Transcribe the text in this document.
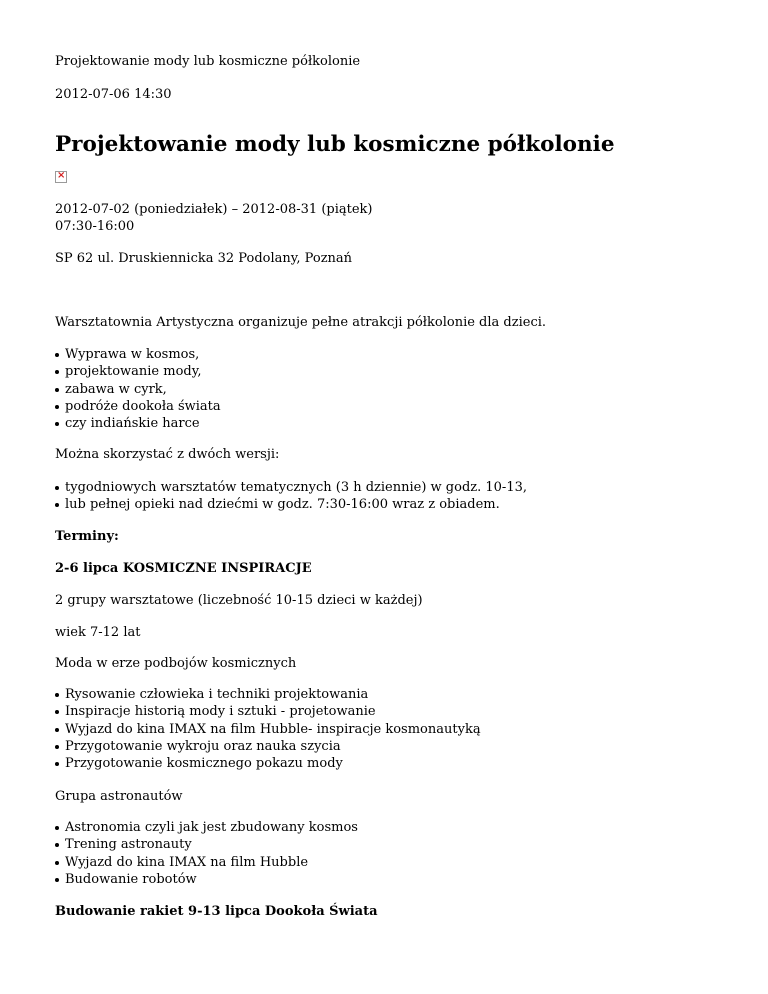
Projektowanie mody lub kosmiczne półkolonie

2012-07-06 14:30

Projektowanie mody lub kosmiczne półkolonie
×

2012-07-02 (poniedziałek) – 2012-08-31 (piątek)

07:30-16:00

SP 62 ul. Druskiennicka 32 Podolany, Poznań

Warsztatownia Artystyczna organizuje pełne atrakcji półkolonie dla dzieci.

Wyprawa w kosmos,
projektowanie mody,
zabawa w cyrk,
podróże dookoła świata
czy indiańskie harce

Można skorzystać z dwóch wersji:

tygodniowych warsztatów tematycznych (3 h dziennie) w godz. 10-13,
lub pełnej opieki nad dziećmi w godz. 7:30-16:00 wraz z obiadem.

Terminy:

2-6 lipca KOSMICZNE INSPIRACJE

2 grupy warsztatowe (liczebność 10-15 dzieci w każdej)

wiek 7-12 lat

Moda w erze podbojów kosmicznych

Rysowanie człowieka i techniki projektowania
Inspiracje historią mody i sztuki - projetowanie
Wyjazd do kina IMAX na film Hubble- inspiracje kosmonautyką
Przygotowanie wykroju oraz nauka szycia
Przygotowanie kosmicznego pokazu mody

Grupa astronautów

Astronomia czyli jak jest zbudowany kosmos
Trening astronauty
Wyjazd do kina IMAX na film Hubble
Budowanie robotów

Budowanie rakiet 9-13 lipca Dookoła Świata
